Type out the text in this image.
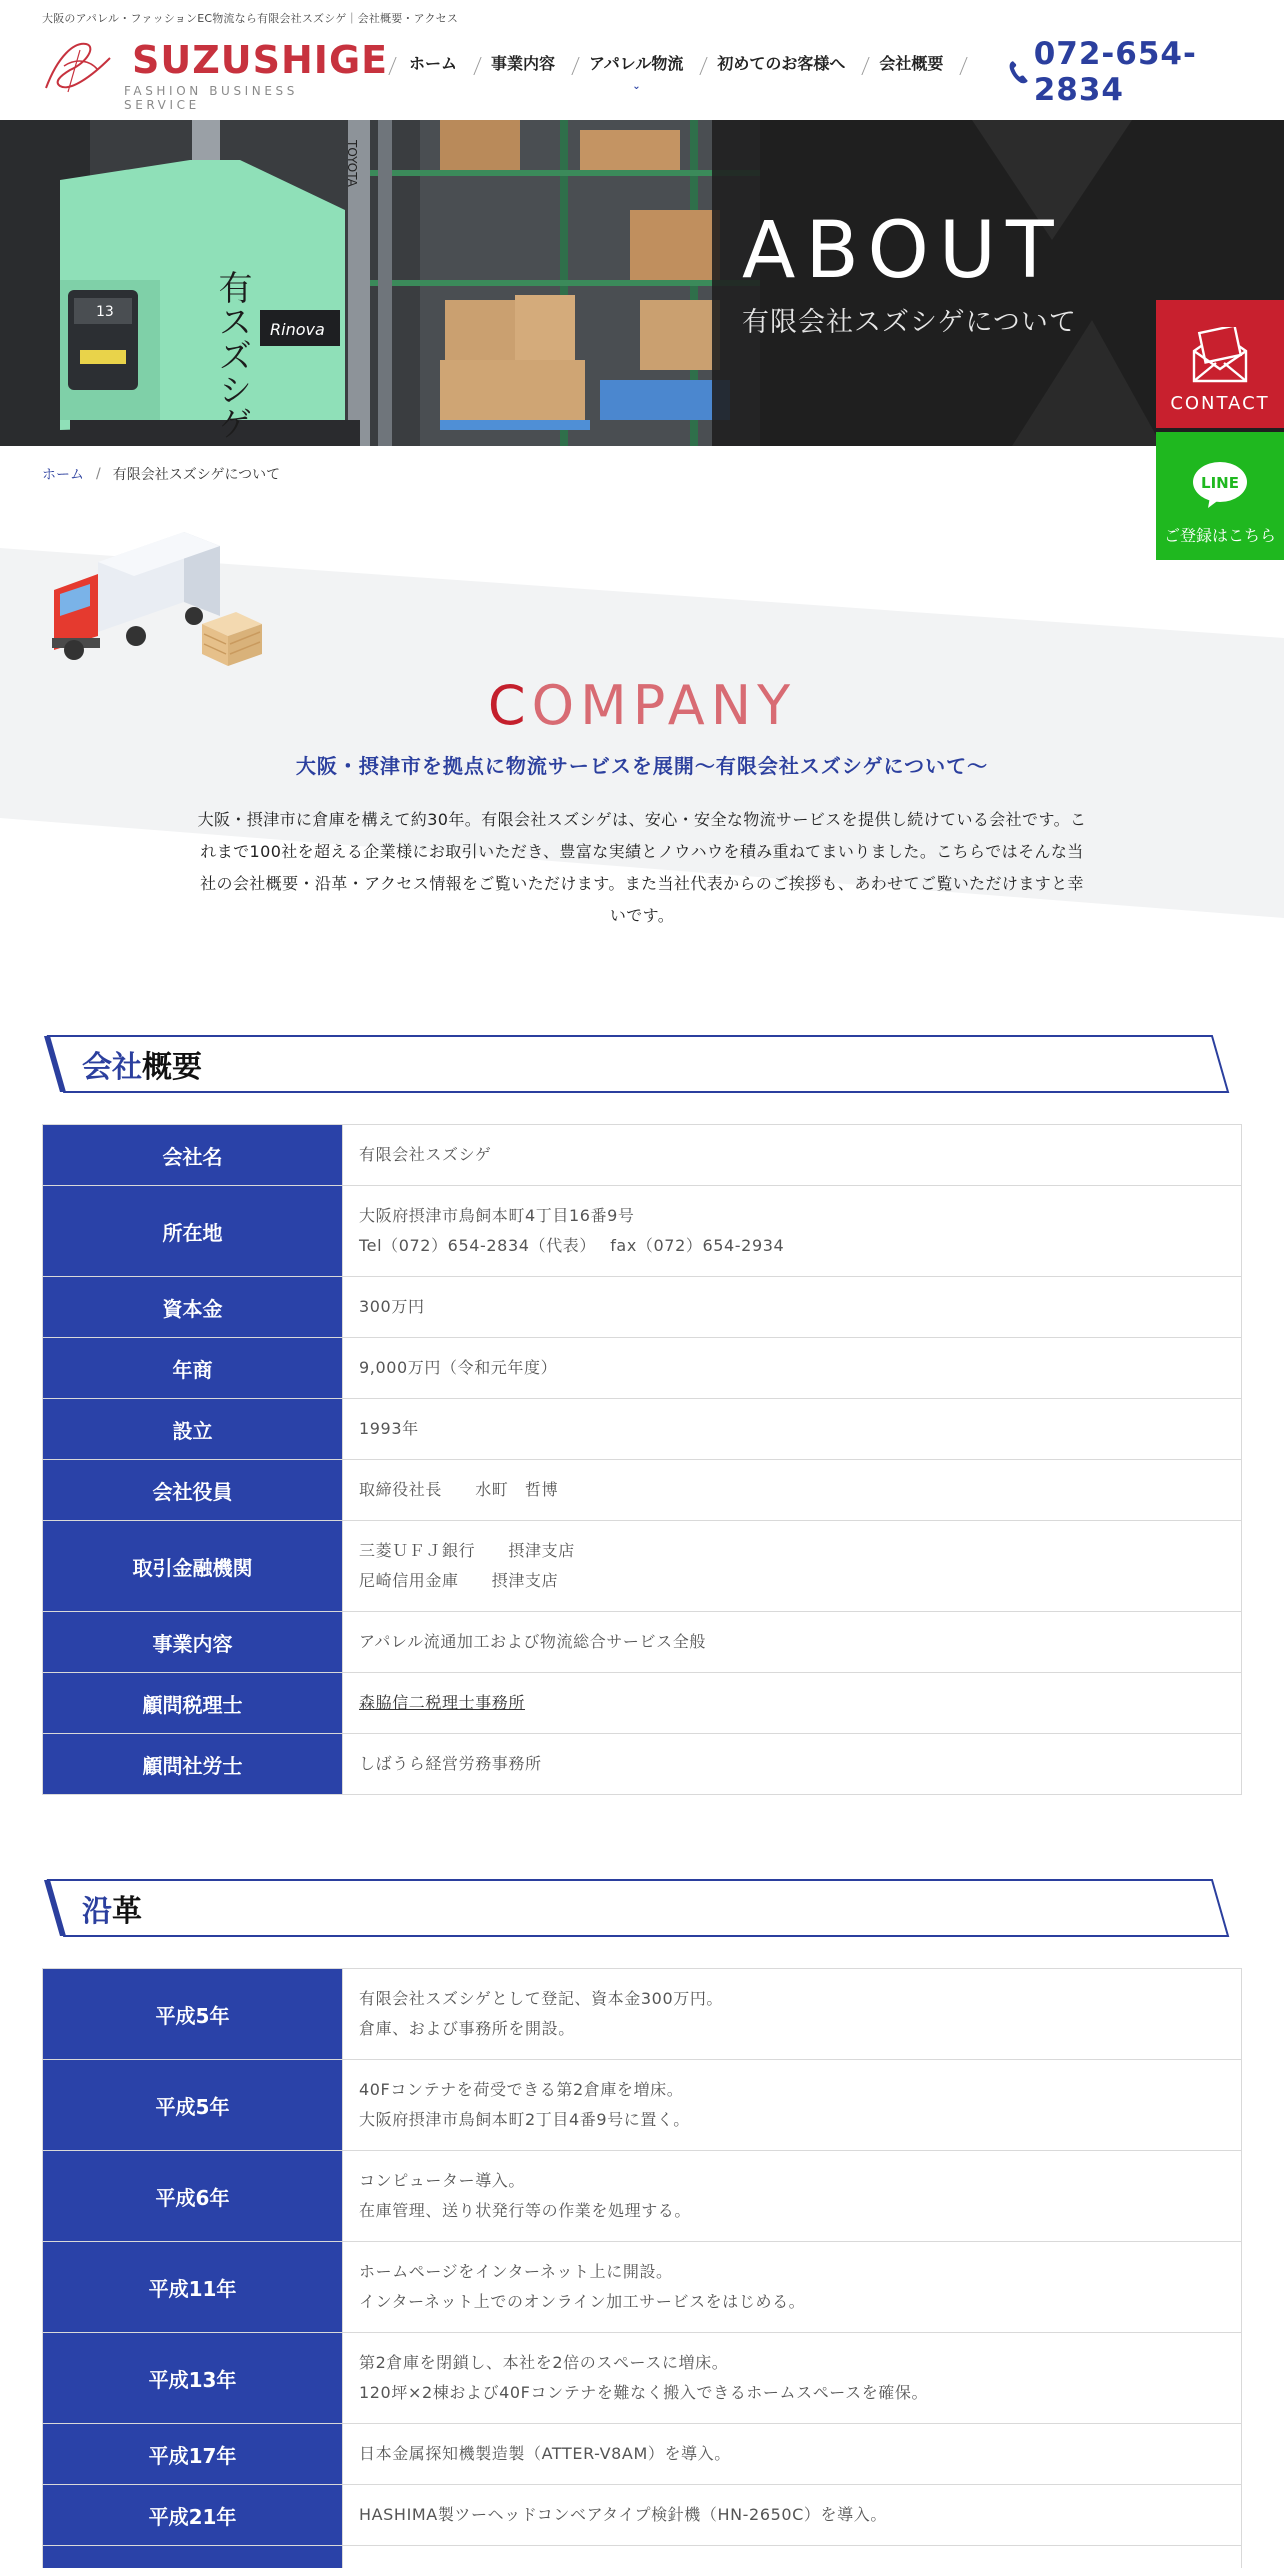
大阪のアパレル・ファッションEC物流なら有限会社スズシゲ｜会社概要・アクセス
SUZUSHIGE
FASHION BUSINESS SERVICE
ホーム 事業内容 アパレル物流
⌄
初めてのお客様へ 会社概要	072-654-2834
有スズシゲ Rinova
TOYOTA
13
ABOUT
有限会社スズシゲについて
CONTACT
LINE
ご登録はこちら
ホーム / 有限会社スズシゲについて
COMPANY
大阪・摂津市を拠点に物流サービスを展開〜有限会社スズシゲについて〜
大阪・摂津市に倉庫を構えて約30年。有限会社スズシゲは、安心・安全な物流サービスを提供し続けている会社です。こ
れまで100社を超える企業様にお取引いただき、豊富な実績とノウハウを積み重ねてまいりました。こちらではそんな当
社の会社概要・沿革・アクセス情報をご覧いただけます。また当社代表からのご挨拶も、あわせてご覧いただけますと幸
いです。
会社概要
会社名	有限会社スズシゲ

所在地	大阪府摂津市鳥飼本町4丁目16番9号
Tel（072）654-2834（代表）　 fax（072）654-2934

資本金	300万円

年商	9,000万円（令和元年度）

設立	1993年

会社役員	取締役社長　　水町　哲博

取引金融機関	三菱ＵＦＪ銀行　　摂津支店
尼崎信用金庫　　摂津支店

事業内容	アパレル流通加工および物流総合サービス全般

顧問税理士	森脇信二税理士事務所
顧問社労士	しばうら経営労務事務所
沿革
平成5年	有限会社スズシゲとして登記、資本金300万円。
倉庫、および事務所を開設。

平成5年	40Fコンテナを荷受できる第2倉庫を増床。
大阪府摂津市鳥飼本町2丁目4番9号に置く。

平成6年	コンピューター導入。
在庫管理、送り状発行等の作業を処理する。

平成11年	ホームページをインターネット上に開設。
インターネット上でのオンライン加工サービスをはじめる。

平成13年	第2倉庫を閉鎖し、本社を2倍のスペースに増床。
120坪×2棟および40Fコンテナを難なく搬入できるホームスペースを確保。

平成17年	日本金属探知機製造製（ATTER-V8AM）を導入。

平成21年	HASHIMA製ツーヘッドコンベアタイプ検針機（HN-2650C）を導入。
